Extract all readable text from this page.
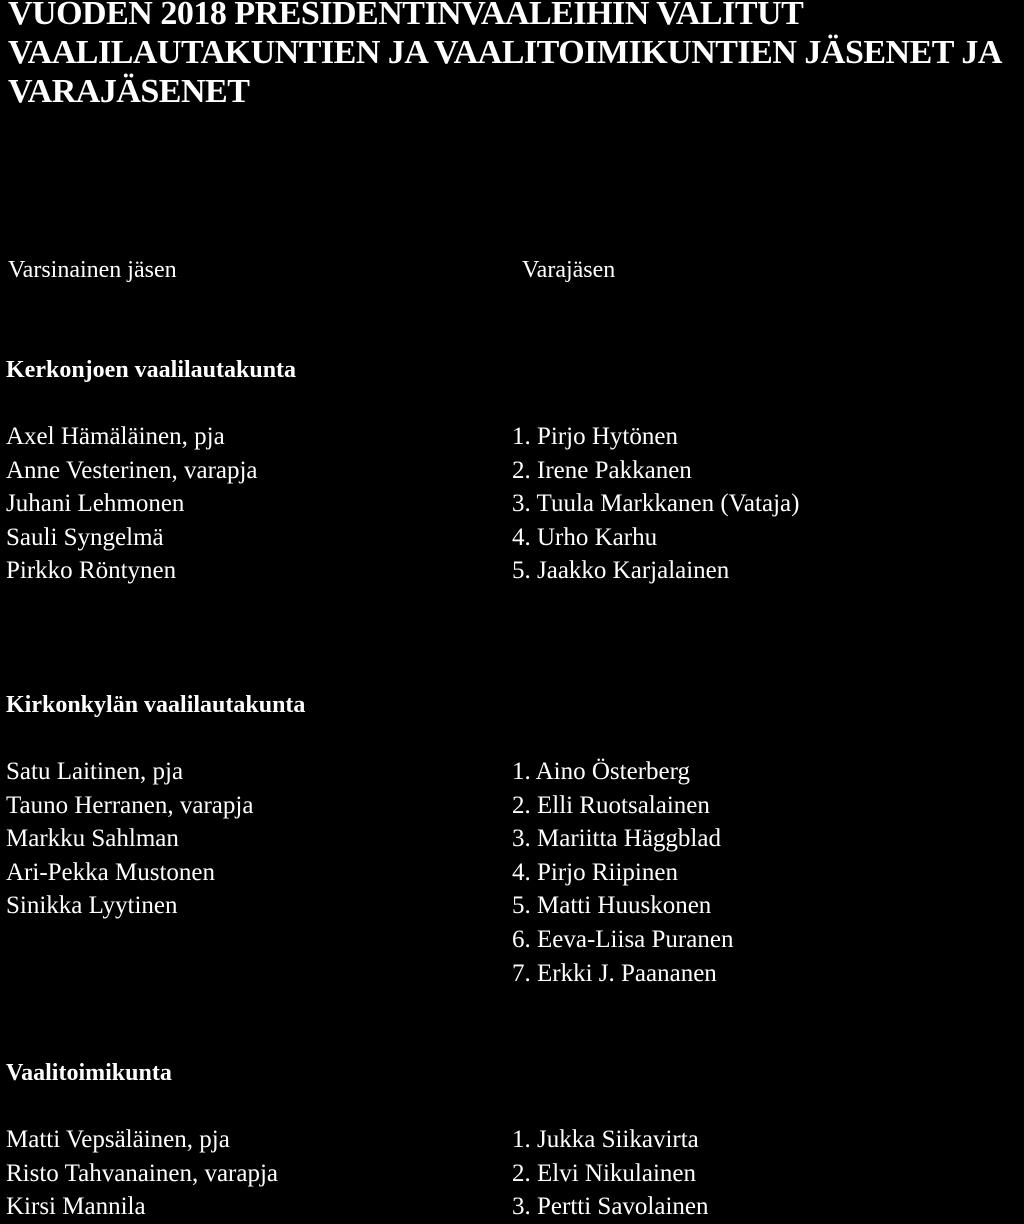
VUODEN 2018 PRESIDENTINVAALEIHIN VALITUT
VAALILAUTAKUNTIEN JA VAALITOIMIKUNTIEN JÄSENET JA
VARAJÄSENET
Varsinainen jäsen	Varajäsen
Kerkonjoen vaalilautakunta
Axel Hämäläinen, pja
Anne Vesterinen, varapja
Juhani Lehmonen
Sauli Syngelmä
Pirkko Röntynen
1. Pirjo Hytönen
2. Irene Pakkanen
3. Tuula Markkanen (Vataja)
4. Urho Karhu
5. Jaakko Karjalainen
Kirkonkylän vaalilautakunta
Satu Laitinen, pja
Tauno Herranen, varapja
Markku Sahlman
Ari-Pekka Mustonen
Sinikka Lyytinen
1. Aino Österberg
2. Elli Ruotsalainen
3. Mariitta Häggblad
4. Pirjo Riipinen
5. Matti Huuskonen
6. Eeva-Liisa Puranen
7. Erkki J. Paananen
Vaalitoimikunta
Matti Vepsäläinen, pja
Risto Tahvanainen, varapja
Kirsi Mannila
1. Jukka Siikavirta
2. Elvi Nikulainen
3. Pertti Savolainen
